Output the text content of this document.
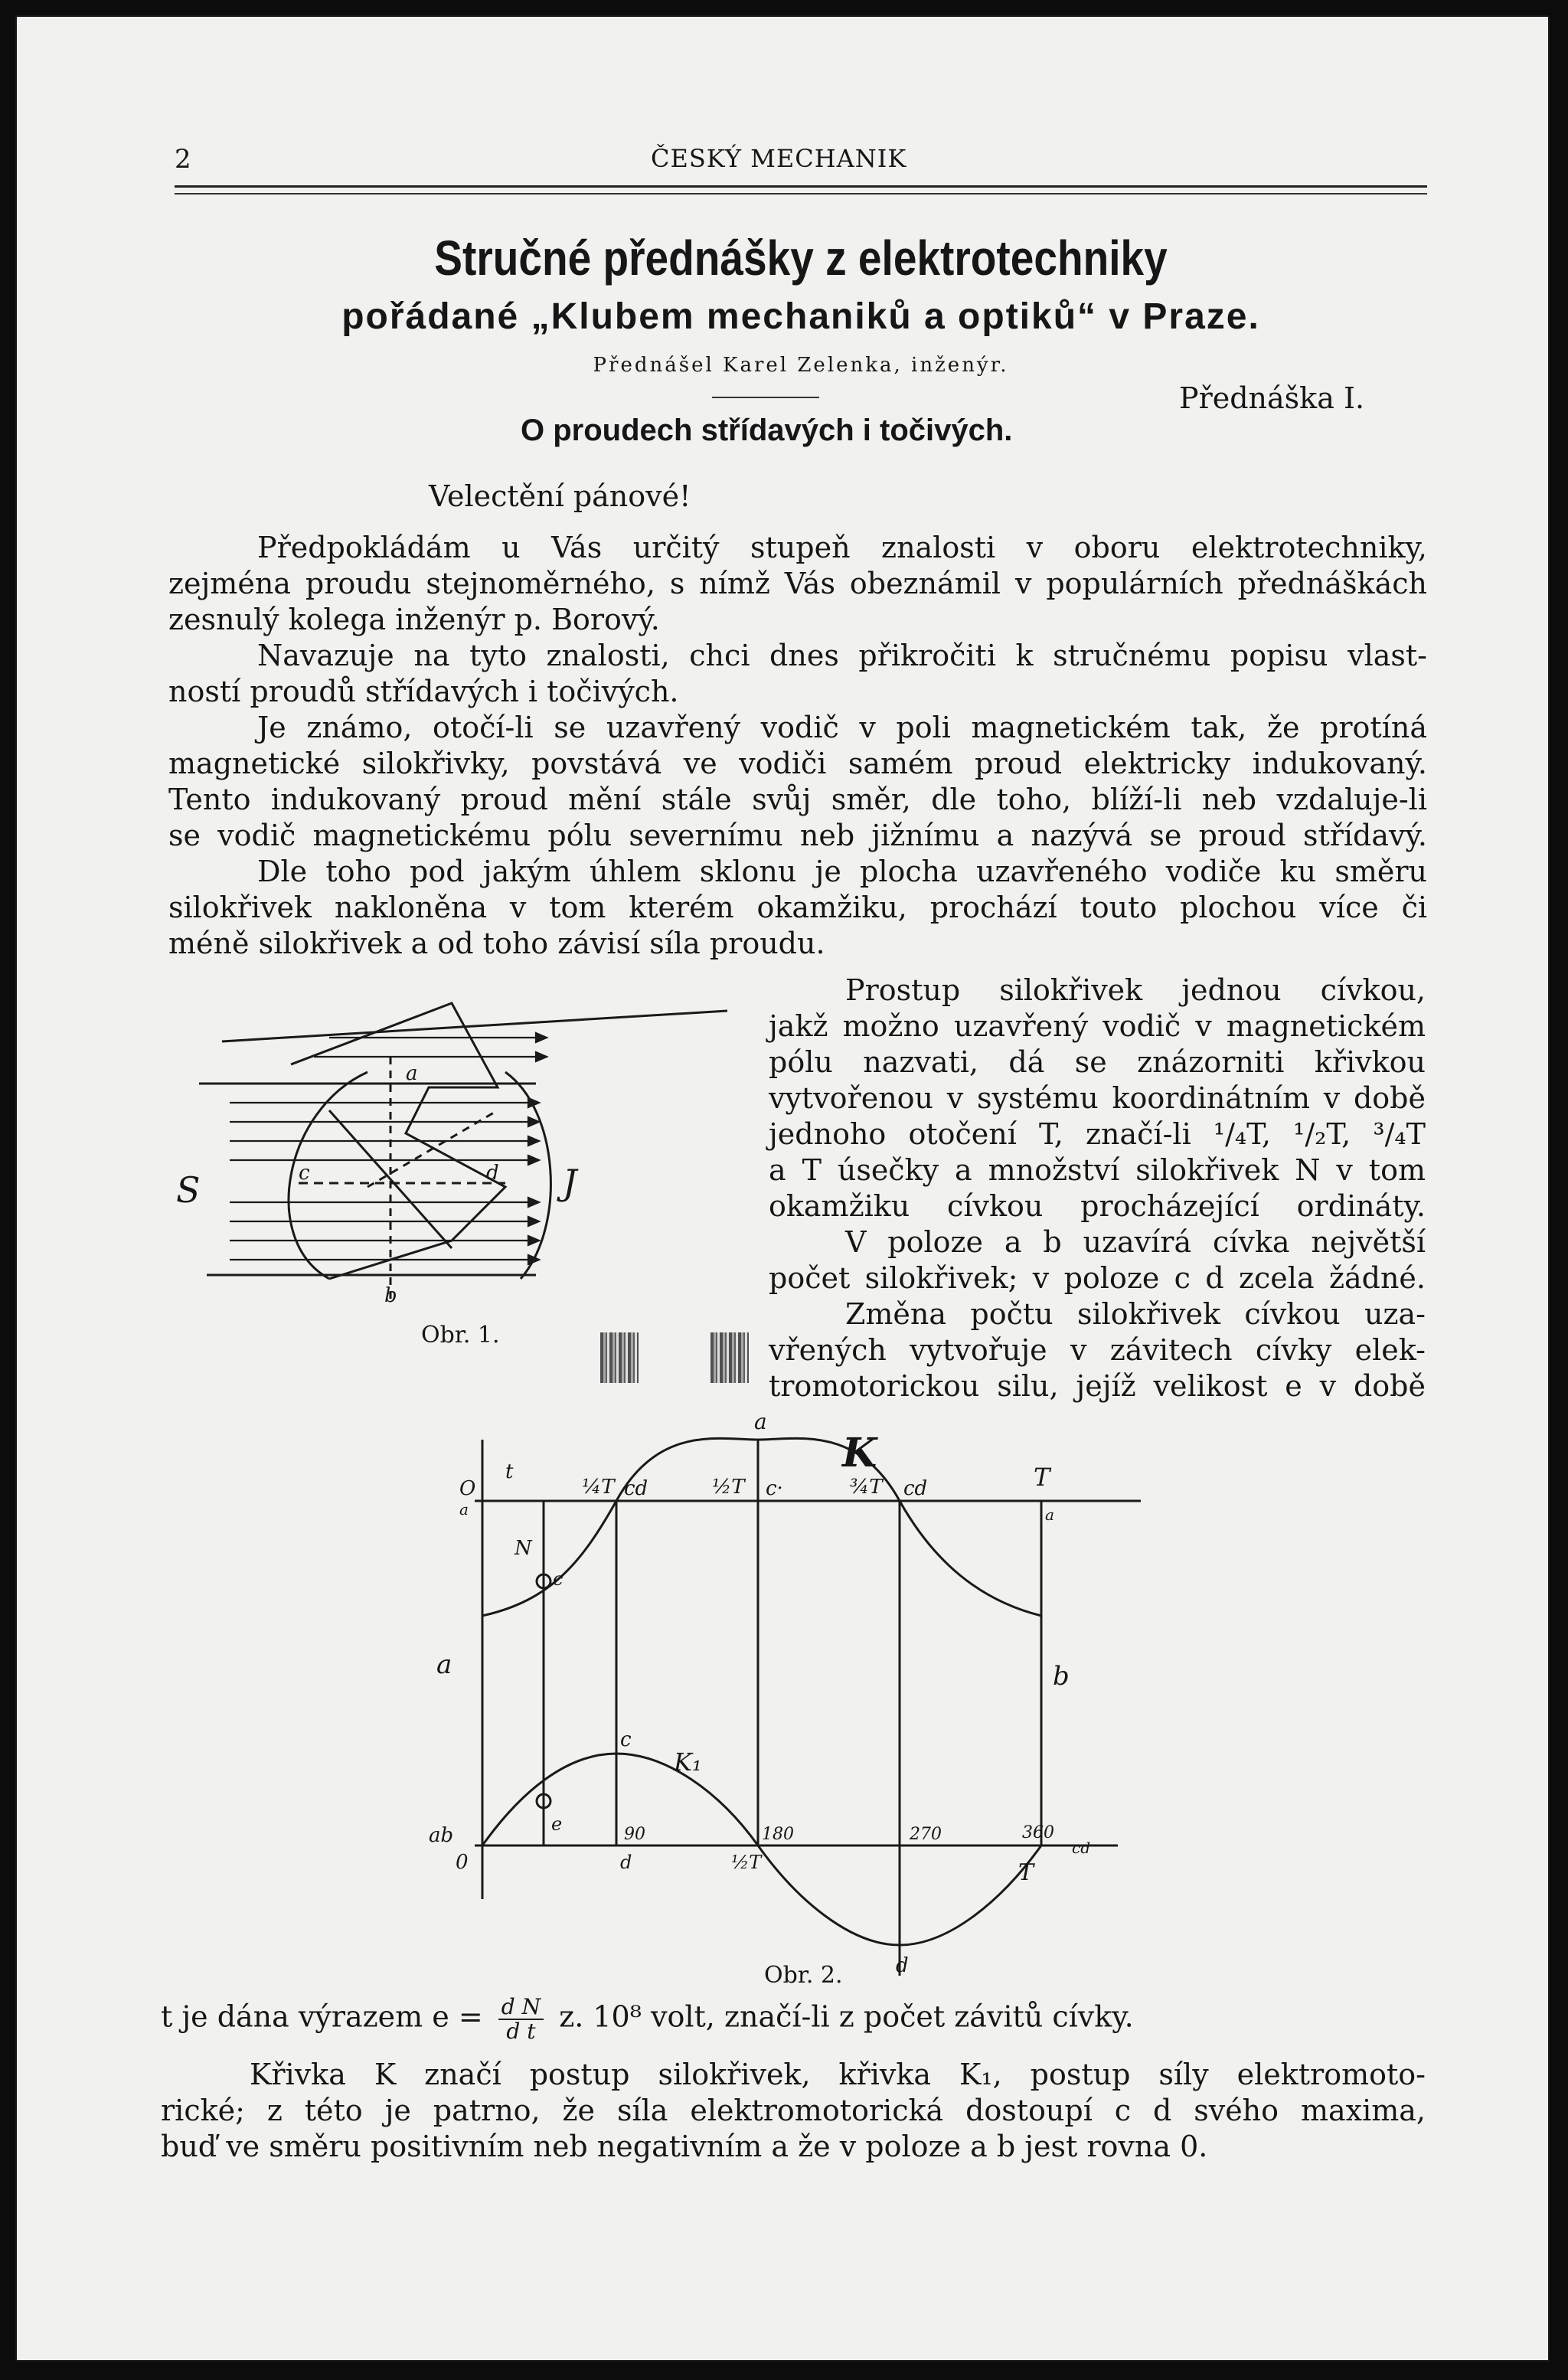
2	ČESKÝ MECHANIK
Stručné přednášky z elektrotechniky
pořádané „Klubem mechaniků a optiků“ v Praze.
Přednášel Karel Zelenka, inženýr.
Přednáška I.
O proudech střídavých i točivých.
Velectění pánové!
Předpokládám u Vás určitý stupeň znalosti v oboru elektrotechniky,
zejména proudu stejnoměrného, s nímž Vás obeznámil v populárních přednáškách
zesnulý kolega inženýr p. Borový.
Navazuje na tyto znalosti, chci dnes přikročiti k stručnému popisu vlast-
ností proudů střídavých i točivých.
Je známo, otočí-li se uzavřený vodič v poli magnetickém tak, že protíná
magnetické silokřivky, povstává ve vodiči samém proud elektricky indukovaný.
Tento indukovaný proud mění stále svůj směr, dle toho, blíží-li neb vzdaluje-li
se vodič magnetickému pólu severnímu neb jižnímu a nazývá se proud střídavý.
Dle toho pod jakým úhlem sklonu je plocha uzavřeného vodiče ku směru
silokřivek nakloněna v tom kterém okamžiku, prochází touto plochou více či
méně silokřivek a od toho závisí síla proudu.
Prostup silokřivek jednou cívkou,
jakž možno uzavřený vodič v magnetickém
pólu nazvati, dá se znázorniti křivkou
vytvořenou v systému koordinátním v době
jednoho otočení T, značí-li ¹/₄T, ¹/₂T, ³/₄T
a T úsečky a množství silokřivek N v tom
okamžiku cívkou procházející ordináty.
V poloze a b uzavírá cívka největší
počet silokřivek; v poloze c d zcela žádné.
Změna počtu silokřivek cívkou uza-
vřených vytvořuje v závitech cívky elek-
tromotorickou silu, jejíž velikost e v době
S	J
a
b
c	d
Obr. 1.
a
K
t
O
a
¼T cd	½T c·	¾T cd	T
a
N
c
a	b
c
K₁
e
ab
0
90
d
180
½T
270	360
cd
T
d
Obr. 2.
t je dána výrazem $e = \frac{\text{d N}}{\text{d t}} z$. 10⁸ volt, značí-li z počet závitů cívky.
Křivka K značí postup silokřivek, křivka K₁, postup síly elektromoto-
rické; z této je patrno, že síla elektromotorická dostoupí c d svého maxima,
buď ve směru positivním neb negativním a že v poloze a b jest rovna 0.
